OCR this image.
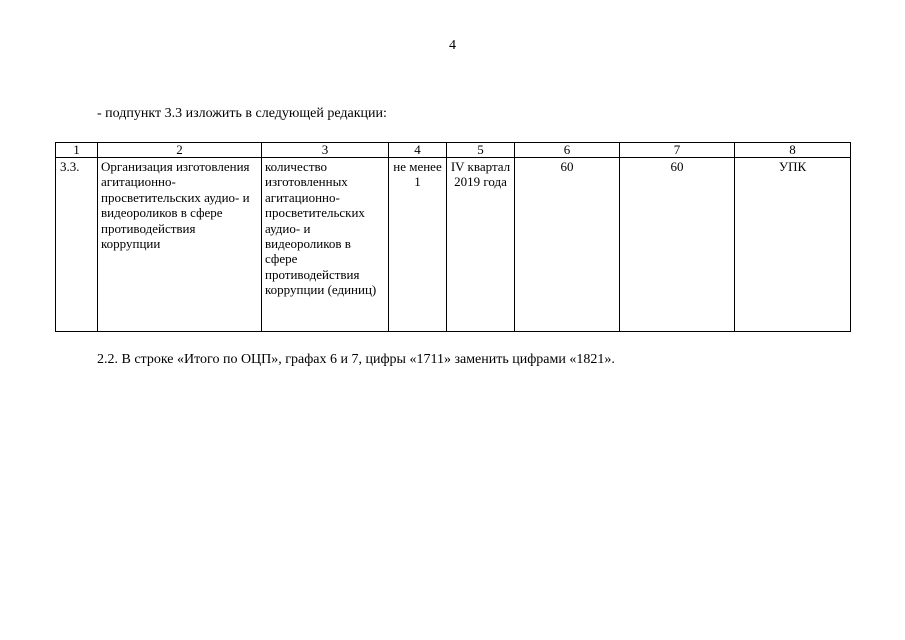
4
- подпункт 3.3 изложить в следующей редакции:
1	2	3	4	5	6	7	8
3.3.	Организация изготовления агитационно-просветительских аудио- и видеороликов в сфере противодействия коррупции	количество изготовленных агитационно-просветительских аудио- и видеороликов в сфере противодействия коррупции (единиц)	не менее 1	IV квартал 2019 года	60	60	УПК
2.2. В строке «Итого по ОЦП», графах 6 и 7, цифры «1711» заменить цифрами «1821».
